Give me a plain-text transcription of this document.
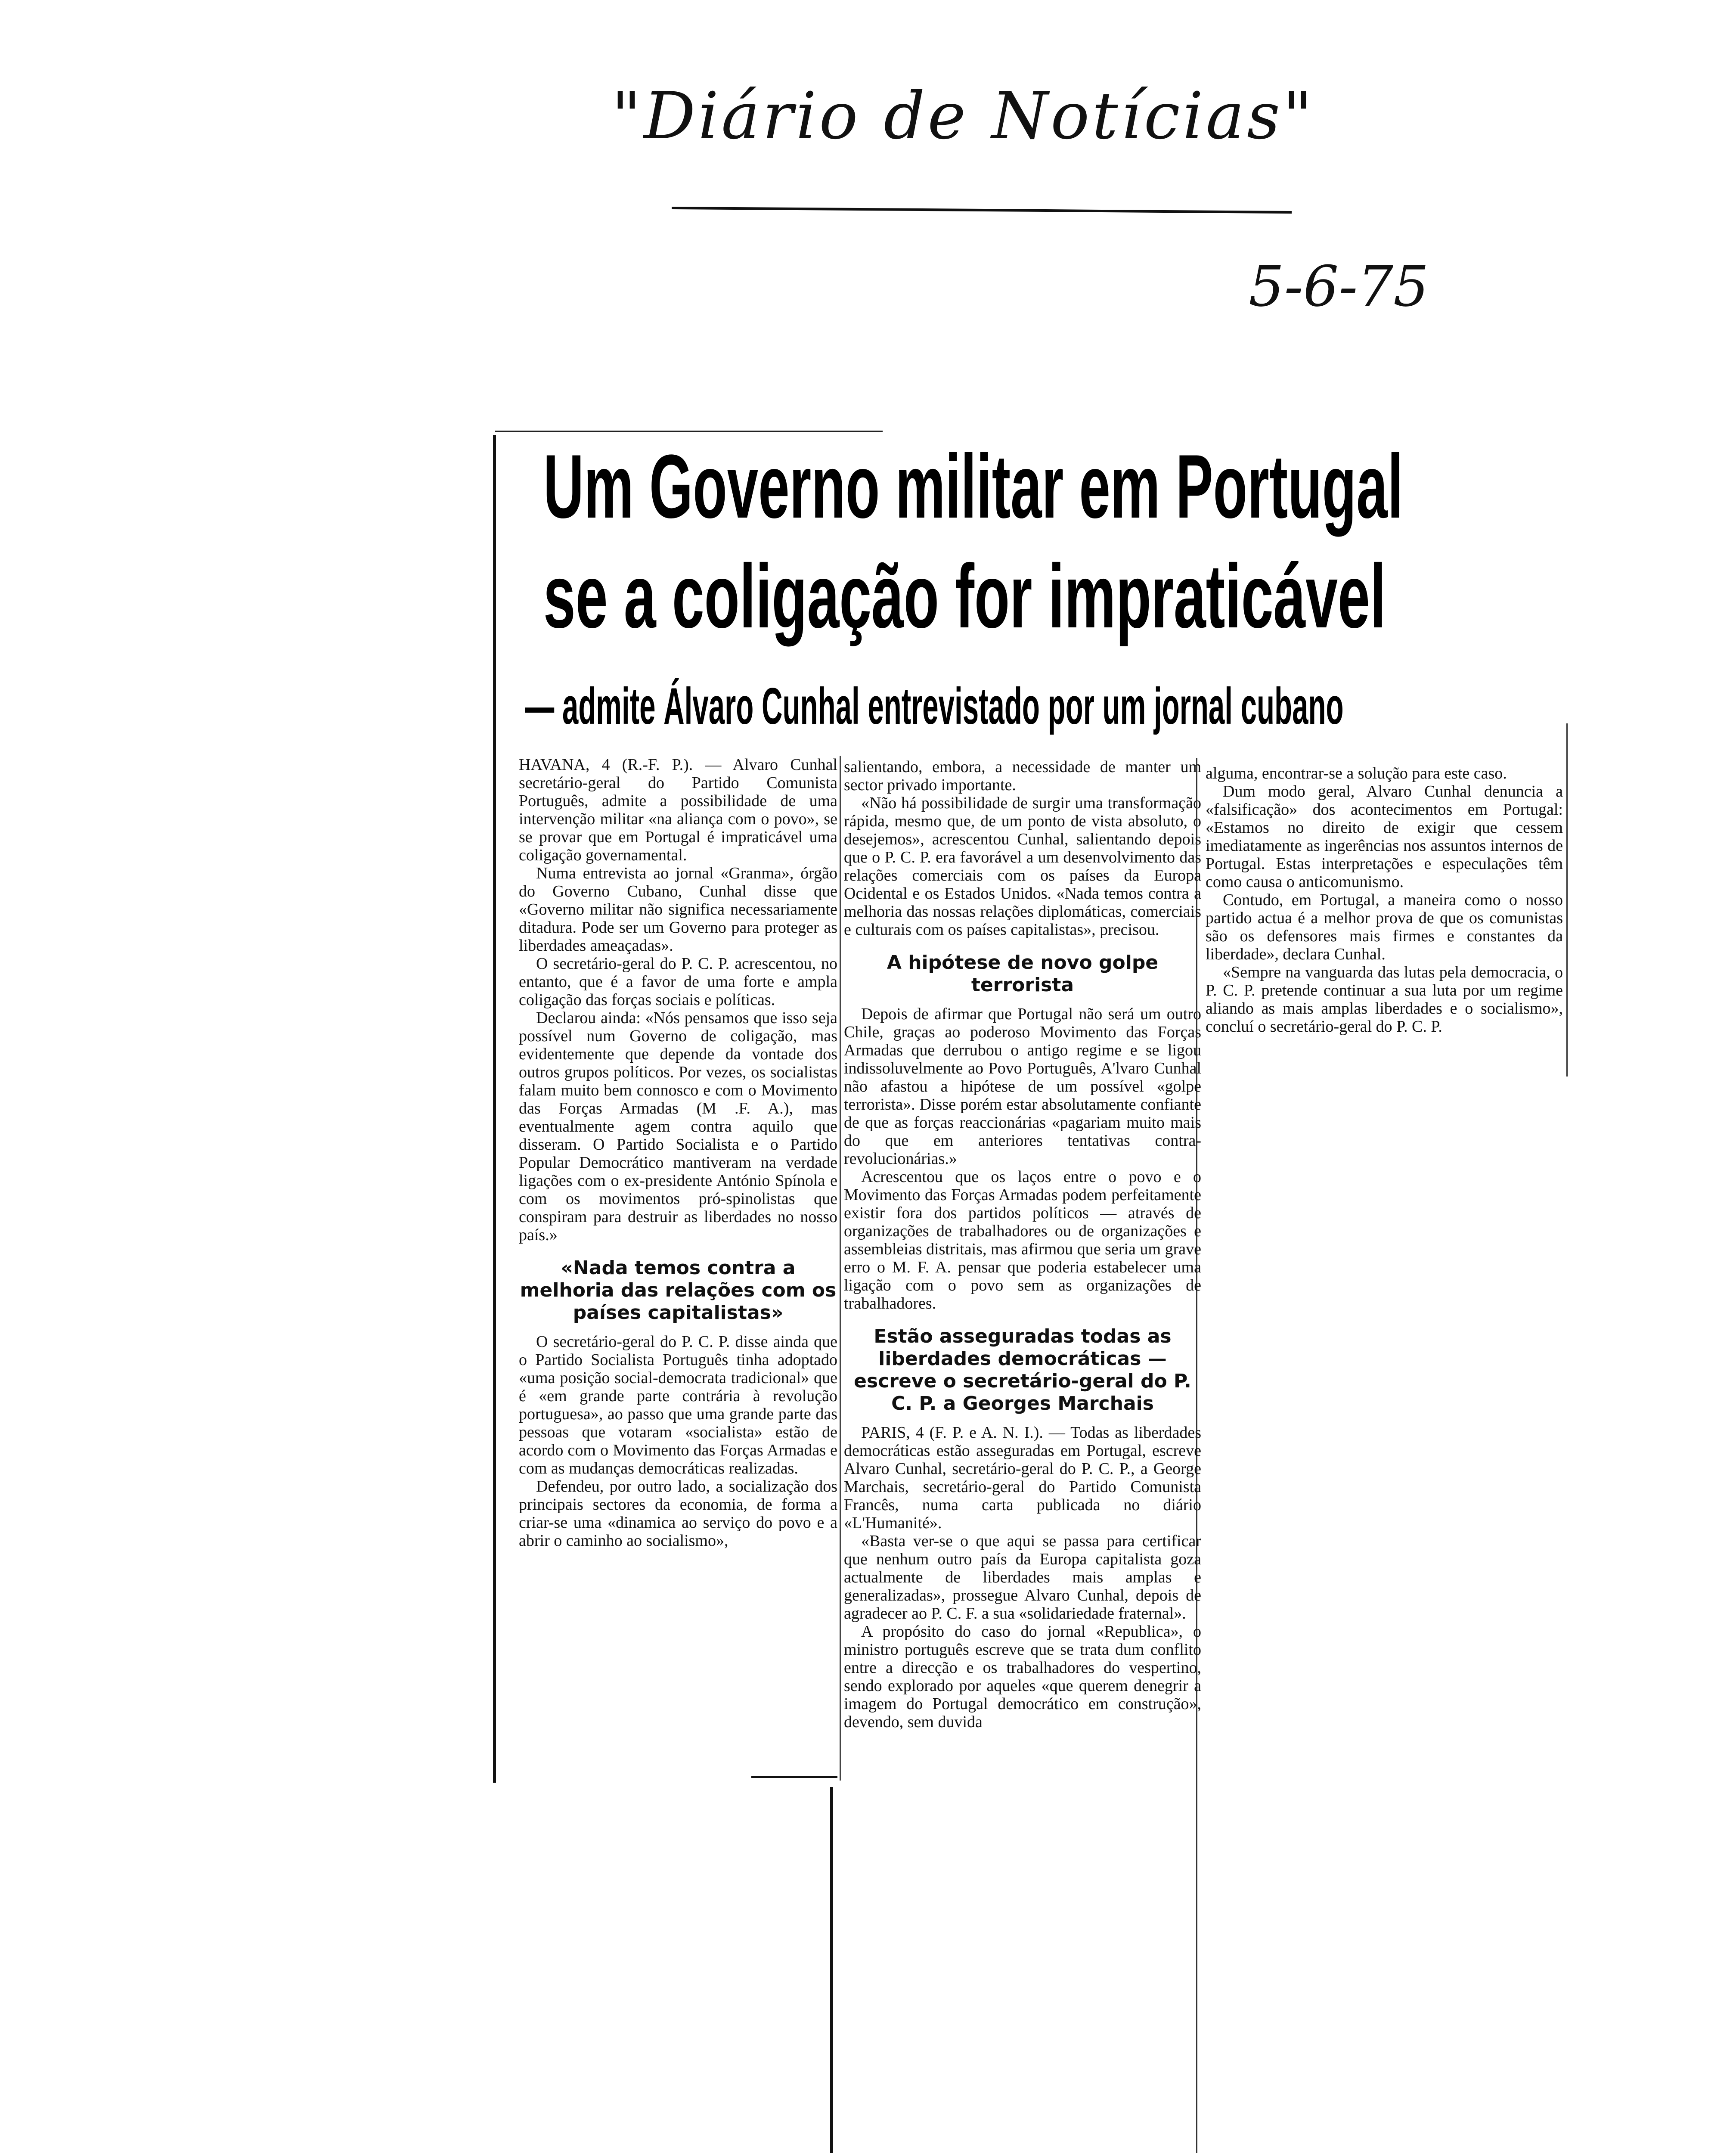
"Diário de Notícias"
5-6-75
Um Governo militar em Portugal
se a coligação for impraticável
— admite Álvaro Cunhal entrevistado por um jornal cubano

HAVANA, 4 (R.-F. P.). — Alvaro Cunhal secretário-geral do Partido Comunista Português, admite a possibilidade de uma intervenção militar «na aliança com o povo», se se provar que em Portugal é impraticável uma coligação governamental.

Numa entrevista ao jornal «Granma», órgão do Governo Cubano, Cunhal disse que «Governo militar não significa necessariamente ditadura. Pode ser um Governo para proteger as liberdades ameaçadas».

O secretário-geral do P. C. P. acrescentou, no entanto, que é a favor de uma forte e ampla coligação das forças sociais e políticas.

Declarou ainda: «Nós pensamos que isso seja possível num Governo de coligação, mas evidentemente que depende da vontade dos outros grupos políticos. Por vezes, os socialistas falam muito bem connosco e com o Movimento das Forças Armadas (M .F. A.), mas eventualmente agem contra aquilo que disseram. O Partido Socialista e o Partido Popular Democrático mantiveram na verdade ligações com o ex-presidente António Spínola e com os movimentos pró-spinolistas que conspiram para destruir as liberdades no nosso país.»

«Nada temos contra a melhoria das relações com os países capitalistas»

O secretário-geral do P. C. P. disse ainda que o Partido Socialista Português tinha adoptado «uma posição social-democrata tradicional» que é «em grande parte contrária à revolução portuguesa», ao passo que uma grande parte das pessoas que votaram «socialista» estão de acordo com o Movimento das Forças Armadas e com as mudanças democráticas realizadas.

Defendeu, por outro lado, a socialização dos principais sectores da economia, de forma a criar-se uma «dinamica ao serviço do povo e a abrir o caminho ao socialismo»,

salientando, embora, a necessidade de manter um sector privado importante.

«Não há possibilidade de surgir uma transformação rápida, mesmo que, de um ponto de vista absoluto, o desejemos», acrescentou Cunhal, salientando depois que o P. C. P. era favorável a um desenvolvimento das relações comerciais com os países da Europa Ocidental e os Estados Unidos. «Nada temos contra a melhoria das nossas relações diplomáticas, comerciais e culturais com os países capitalistas», precisou.

A hipótese de novo golpe terrorista

Depois de afirmar que Portugal não será um outro Chile, graças ao poderoso Movimento das Forças Armadas que derrubou o antigo regime e se ligou indissoluvelmente ao Povo Português, A'lvaro Cunhal não afastou a hipótese de um possível «golpe terrorista». Disse porém estar absolutamente confiante de que as forças reaccionárias «pagariam muito mais do que em anteriores tentativas contra-revolucionárias.»

Acrescentou que os laços entre o povo e o Movimento das Forças Armadas podem perfeitamente existir fora dos partidos políticos — através de organizações de trabalhadores ou de organizações e assembleias distritais, mas afirmou que seria um grave erro o M. F. A. pensar que poderia estabelecer uma ligação com o povo sem as organizações de trabalhadores.

Estão asseguradas todas as liberdades democráticas — escreve o secretário-geral do P. C. P. a Georges Marchais

PARIS, 4 (F. P. e A. N. I.). — Todas as liberdades democráticas estão asseguradas em Portugal, escreve Alvaro Cunhal, secretário-geral do P. C. P., a George Marchais, secretário-geral do Partido Comunista Francês, numa carta publicada no diário «L'Humanité».

«Basta ver-se o que aqui se passa para certificar que nenhum outro país da Europa capitalista goza actualmente de liberdades mais amplas e generalizadas», prossegue Alvaro Cunhal, depois de agradecer ao P. C. F. a sua «solidariedade fraternal».

A propósito do caso do jornal «Republica», o ministro português escreve que se trata dum conflito entre a direcção e os trabalhadores do vespertino, sendo explorado por aqueles «que querem denegrir a imagem do Portugal democrático em construção», devendo, sem duvida

alguma, encontrar-se a solução para este caso.

Dum modo geral, Alvaro Cunhal denuncia a «falsificação» dos acontecimentos em Portugal: «Estamos no direito de exigir que cessem imediatamente as ingerências nos assuntos internos de Portugal. Estas interpretações e especulações têm como causa o anticomunismo.

Contudo, em Portugal, a maneira como o nosso partido actua é a melhor prova de que os comunistas são os defensores mais firmes e constantes da liberdade», declara Cunhal.

«Sempre na vanguarda das lutas pela democracia, o P. C. P. pretende continuar a sua luta por um regime aliando as mais amplas liberdades e o socialismo», concluí o secretário-geral do P. C. P.
